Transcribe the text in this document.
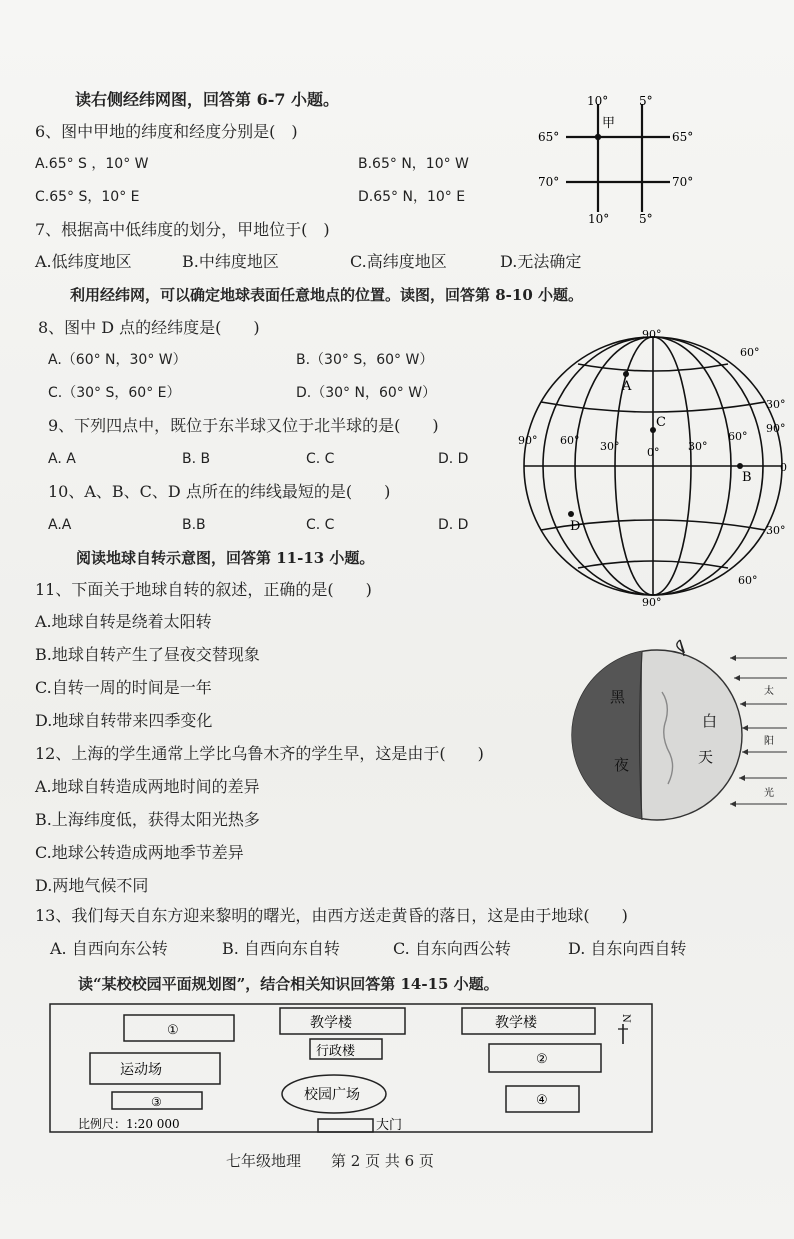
读右侧经纬网图，回答第 6-7 小题。
6、图中甲地的纬度和经度分别是(　)
A.65° S ，10° W	B.65° N，10° W
C.65° S，10° E	D.65° N，10° E
7、根据高中低纬度的划分，甲地位于(　)
A.低纬度地区	B.中纬度地区	C.高纬度地区	D.无法确定
10°	5°
10° 5°
65°	65°
70°	70°
甲
利用经纬网，可以确定地球表面任意地点的位置。读图，回答第 8-10 小题。
8、图中 D 点的经纬度是(　　)
A.（60° N，30° W）	B.（30° S，60° W）
C.（30° S，60° E）	D.（30° N，60° W）
9、下列四点中，既位于东半球又位于北半球的是(　　)
A. A	B. B	C. C	D. D
10、A、B、C、D 点所在的纬线最短的是(　　)
A.A	B.B	C. C	D. D
90°
90°
60°
60°
30°
30°
90° 60° 30°	0°	30°
60°
90°
0
A
C
B
D
阅读地球自转示意图，回答第 11-13 小题。
11、下面关于地球自转的叙述，正确的是(　　)
A.地球自转是绕着太阳转
B.地球自转产生了昼夜交替现象
C.自转一周的时间是一年
D.地球自转带来四季变化
12、上海的学生通常上学比乌鲁木齐的学生早，这是由于(　　)
A.地球自转造成两地时间的差异
B.上海纬度低，获得太阳光热多
C.地球公转造成两地季节差异
D.两地气候不同
黑
夜
白
天
太
阳
光
13、我们每天自东方迎来黎明的曙光，由西方送走黄昏的落日，这是由于地球(　　)
A. 自西向东公转	B. 自西向东自转	C. 自东向西公转	D. 自东向西自转
读“某校校园平面规划图”，结合相关知识回答第 14-15 小题。
N
①	教学楼
行政楼
教学楼
运动场
②
③	④
校园广场
大门
比例尺：1:20 000
七年级地理　　第 2 页 共 6 页
